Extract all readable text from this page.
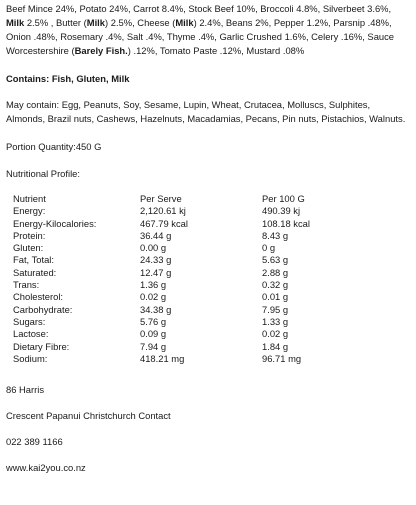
Beef Mince 24%, Potato 24%, Carrot 8.4%, Stock Beef 10%, Broccoli 4.8%, Silverbeet 3.6%, Milk 2.5% , Butter (Milk) 2.5%, Cheese (Milk) 2.4%, Beans 2%, Pepper 1.2%, Parsnip .48%, Onion .48%, Rosemary .4%, Salt .4%, Thyme .4%, Garlic Crushed 1.6%, Celery .16%, Sauce Worcestershire (Barely Fish.) .12%, Tomato Paste .12%, Mustard .08%

Contains: Fish, Gluten, Milk

May contain: Egg, Peanuts, Soy, Sesame, Lupin, Wheat, Crutacea, Molluscs, Sulphites, Almonds, Brazil nuts, Cashews, Hazelnuts, Macadamias, Pecans, Pin nuts, Pistachios, Walnuts.

Portion Quantity:450 G

Nutritional Profile:

Nutrient	Per Serve	Per 100 G
Energy:	2,120.61 kj	490.39 kj
Energy-Kilocalories:	467.79 kcal	108.18 kcal
Protein:	36.44 g	8.43 g
Gluten:	0.00 g	0 g
Fat, Total:	24.33 g	5.63 g
Saturated:	12.47 g	2.88 g
Trans:	1.36 g	0.32 g
Cholesterol:	0.02 g	0.01 g
Carbohydrate:	34.38 g	7.95 g
Sugars:	5.76 g	1.33 g
Lactose:	0.09 g	0.02 g
Dietary Fibre:	7.94 g	1.84 g
Sodium:	418.21 mg	96.71 mg

86 Harris

Crescent Papanui Christchurch Contact

022 389 1166

www.kai2you.co.nz
